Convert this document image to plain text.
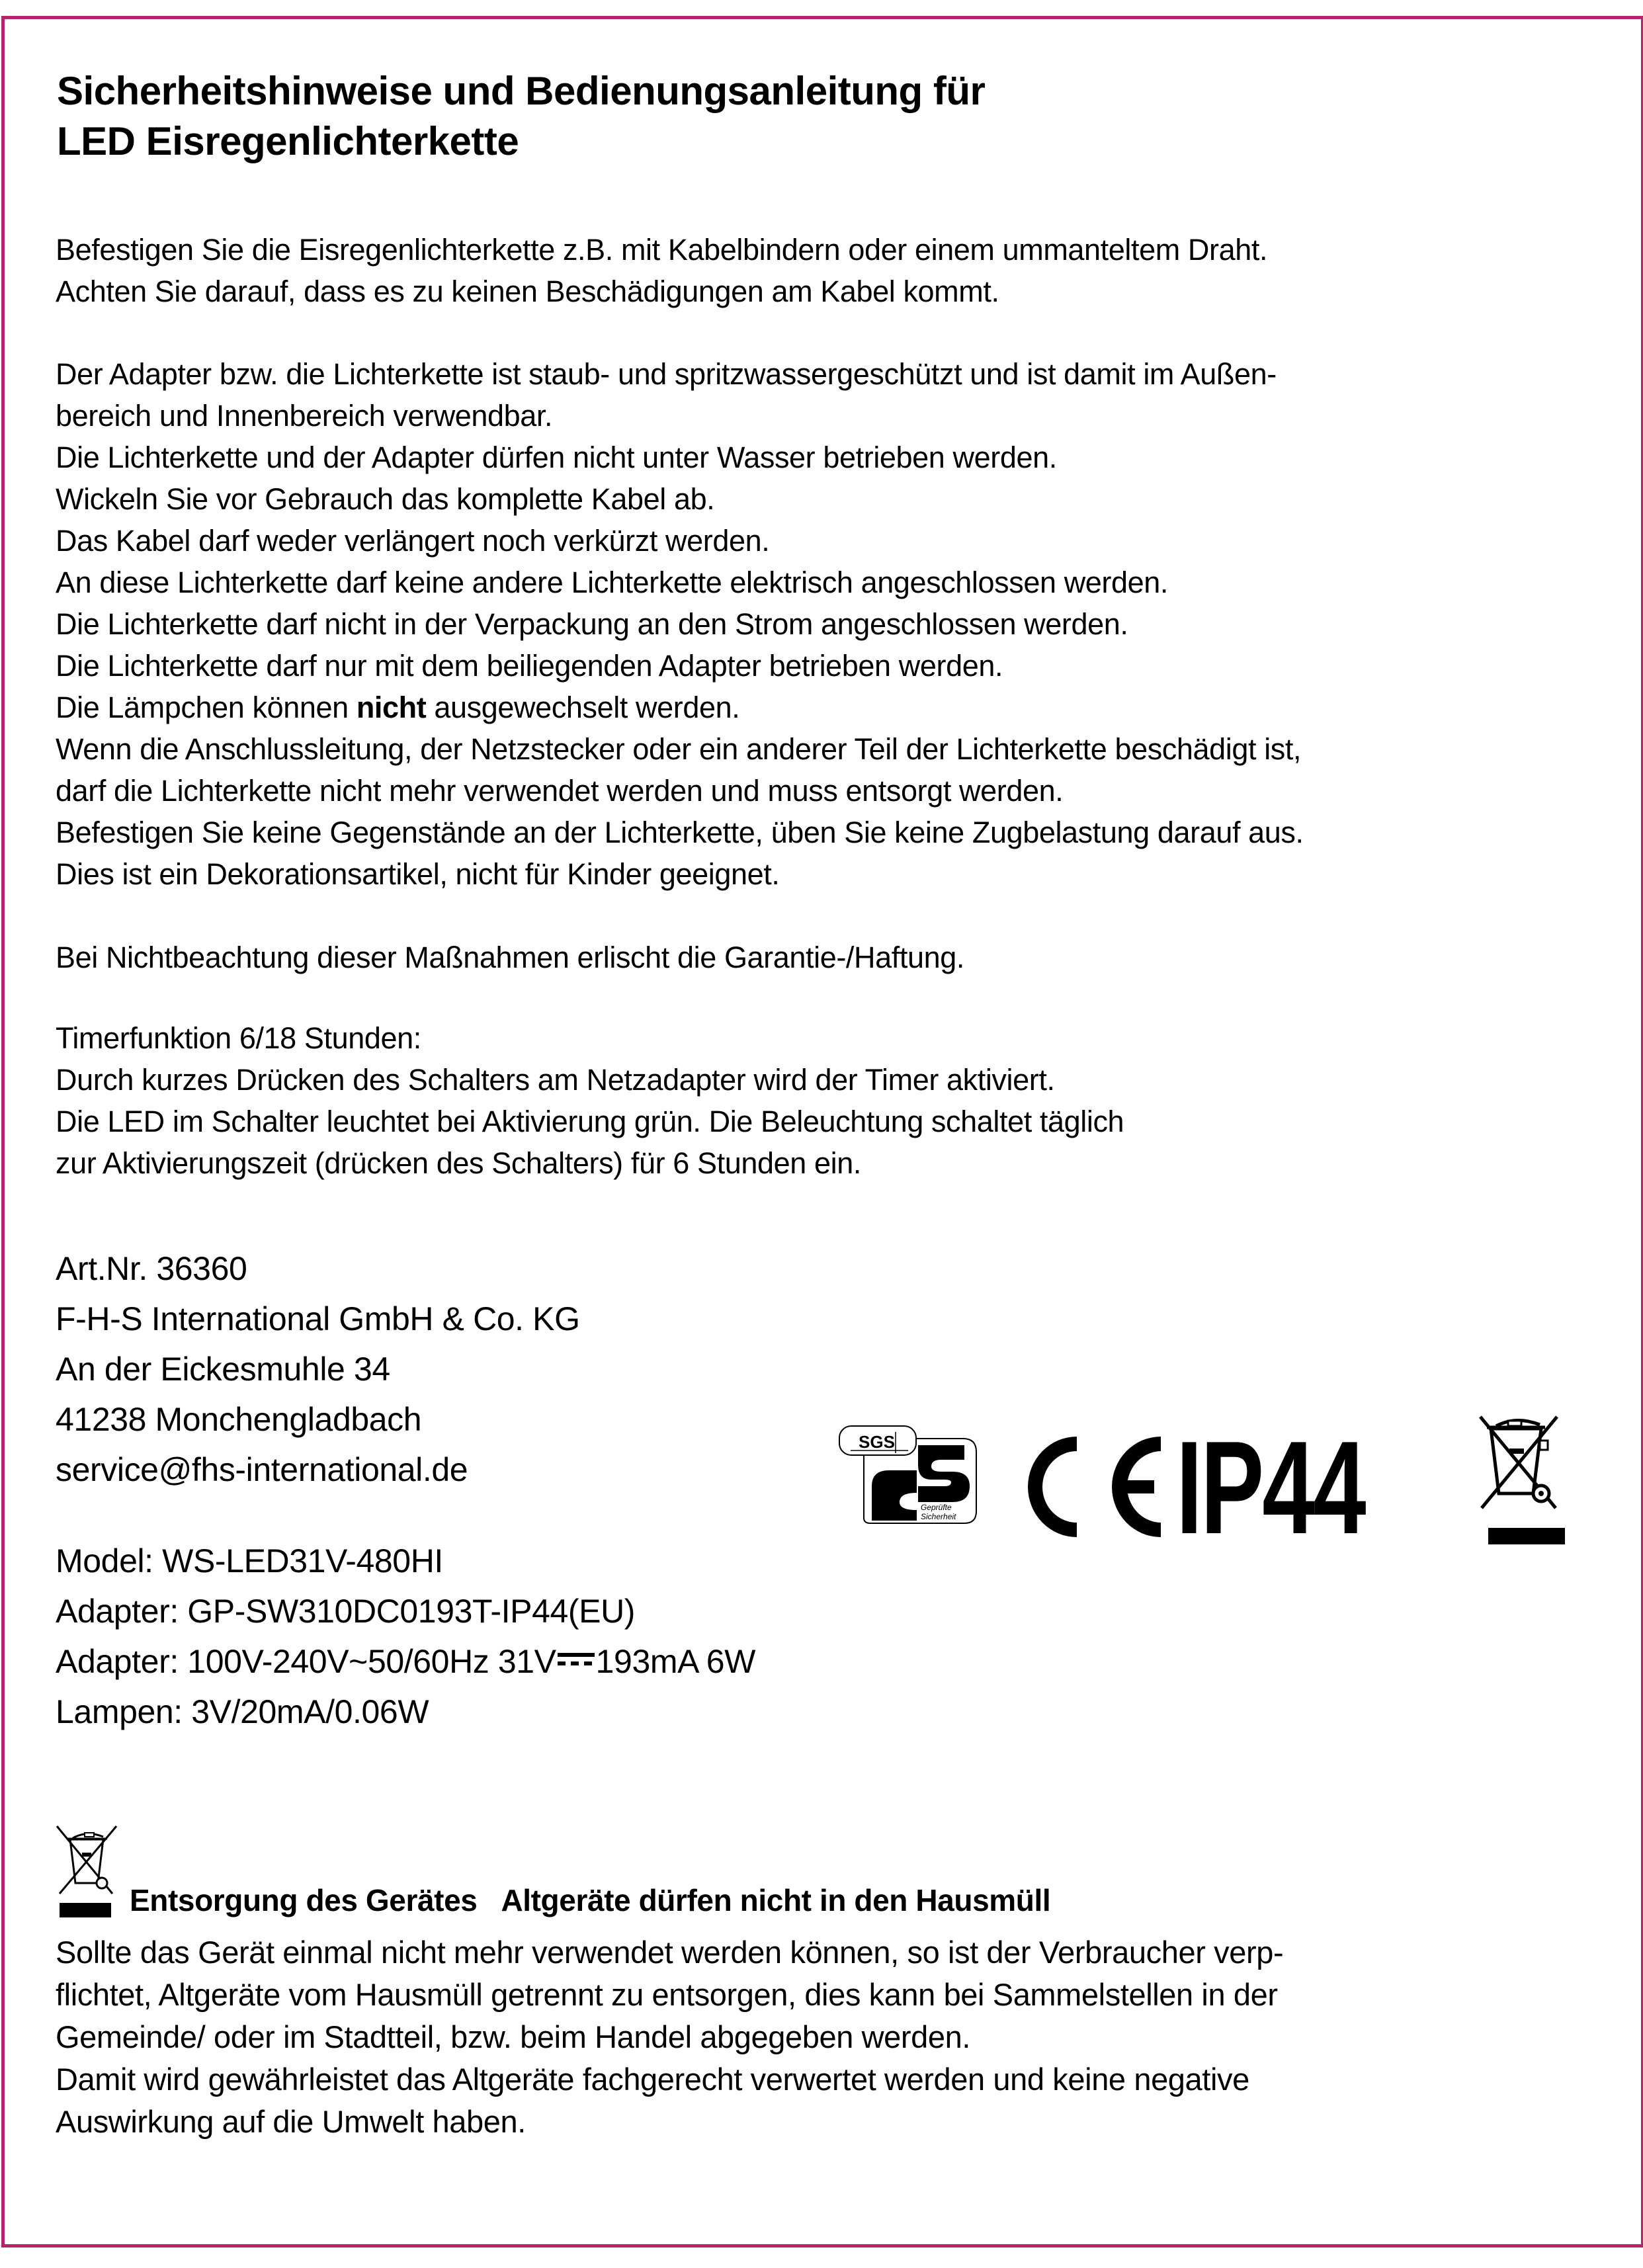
Sicherheitshinweise und Bedienungsanleitung für
LED Eisregenlichterkette
Befestigen Sie die Eisregenlichterkette z.B. mit Kabelbindern oder einem ummanteltem Draht.
Achten Sie darauf, dass es zu keinen Beschädigungen am Kabel kommt.
Der Adapter bzw. die Lichterkette ist staub- und spritzwassergeschützt und ist damit im Außen-
bereich und Innenbereich verwendbar.
Die Lichterkette und der Adapter dürfen nicht unter Wasser betrieben werden.
Wickeln Sie vor Gebrauch das komplette Kabel ab.
Das Kabel darf weder verlängert noch verkürzt werden.
An diese Lichterkette darf keine andere Lichterkette elektrisch angeschlossen werden.
Die Lichterkette darf nicht in der Verpackung an den Strom angeschlossen werden.
Die Lichterkette darf nur mit dem beiliegenden Adapter betrieben werden.
Die Lämpchen können nicht ausgewechselt werden.
Wenn die Anschlussleitung, der Netzstecker oder ein anderer Teil der Lichterkette beschädigt ist,
darf die Lichterkette nicht mehr verwendet werden und muss entsorgt werden.
Befestigen Sie keine Gegenstände an der Lichterkette, üben Sie keine Zugbelastung darauf aus.
Dies ist ein Dekorationsartikel, nicht für Kinder geeignet.
Bei Nichtbeachtung dieser Maßnahmen erlischt die Garantie-/Haftung.
Timerfunktion 6/18 Stunden:
Durch kurzes Drücken des Schalters am Netzadapter wird der Timer aktiviert.
Die LED im Schalter leuchtet bei Aktivierung grün. Die Beleuchtung schaltet täglich
zur Aktivierungszeit (drücken des Schalters) für 6 Stunden ein.
Art.Nr. 36360
F-H-S International GmbH & Co. KG
An der Eickesmuhle 34
41238 Monchengladbach
service@fhs-international.de
Model: WS-LED31V-480HI
Adapter: GP-SW310DC0193T-IP44(EU)
Adapter: 100V-240V~50/60Hz 31V 193mA 6W
Lampen: 3V/20mA/0.06W
SGS
Geprüfte
Sicherheit IP44
Entsorgung des Gerätes Altgeräte dürfen nicht in den Hausmüll
Sollte das Gerät einmal nicht mehr verwendet werden können, so ist der Verbraucher verp-
flichtet, Altgeräte vom Hausmüll getrennt zu entsorgen, dies kann bei Sammelstellen in der
Gemeinde/ oder im Stadtteil, bzw. beim Handel abgegeben werden.
Damit wird gewährleistet das Altgeräte fachgerecht verwertet werden und keine negative
Auswirkung auf die Umwelt haben.
